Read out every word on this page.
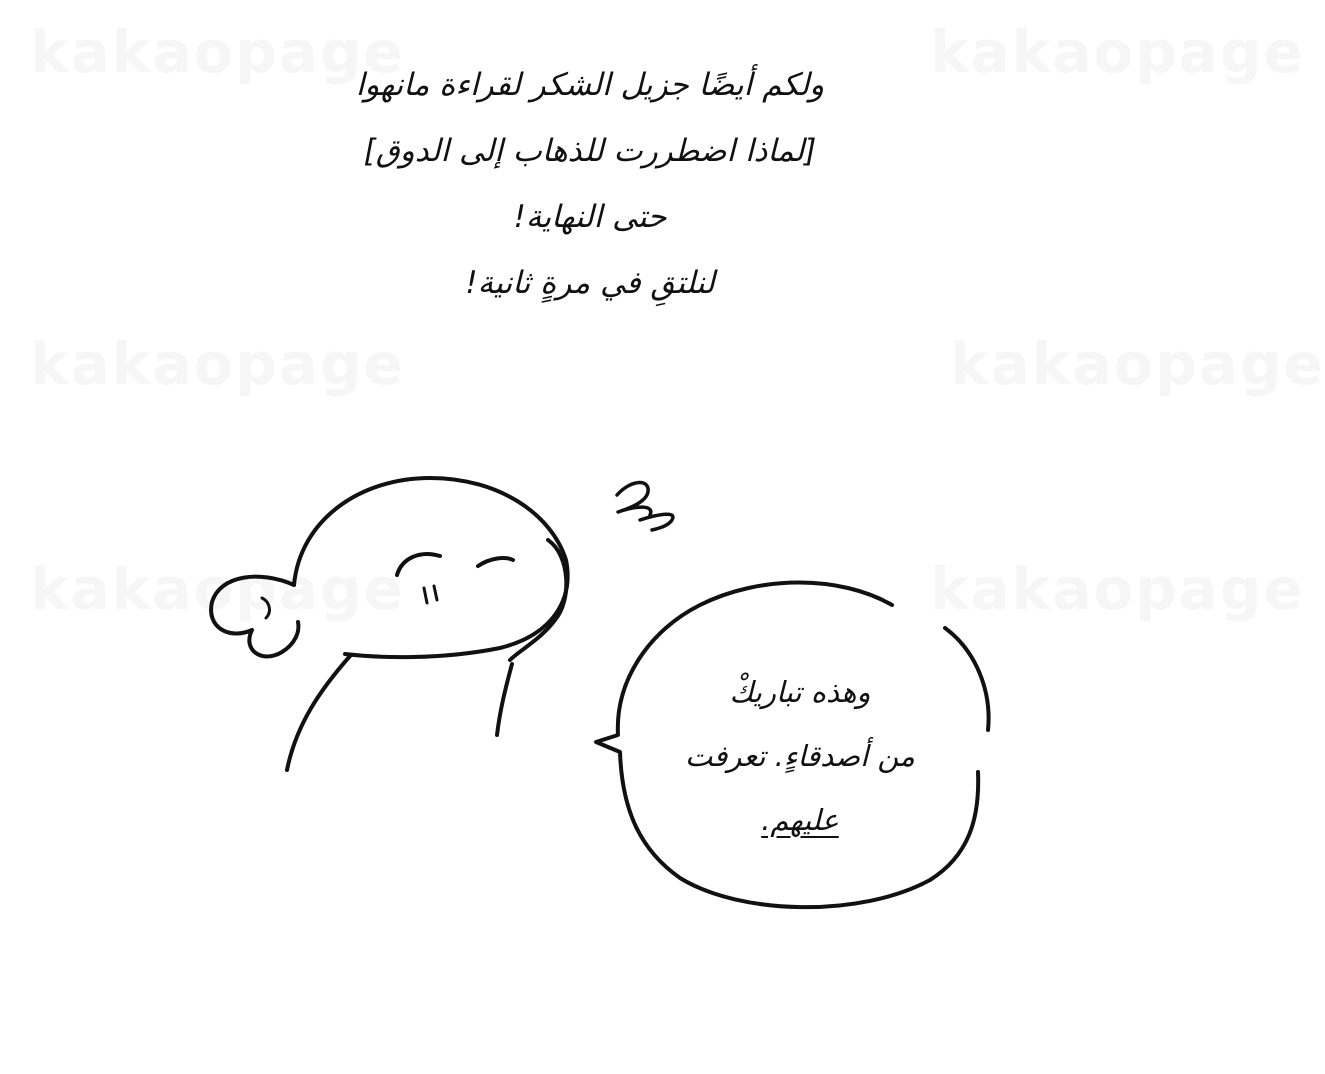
kakaopage	kakaopage
kakaopage	kakaopage
kakaopage	kakaopage
ولكم أيضًا جزيل الشكر لقراءة مانهوا
[لماذا اضطررت للذهاب إلى الدوق]
حتى النهاية!
لنلتقِ في مرةٍ ثانية!
وهذه تباريكْ
من أصدقاءٍ. تعرفت
عليهم.
